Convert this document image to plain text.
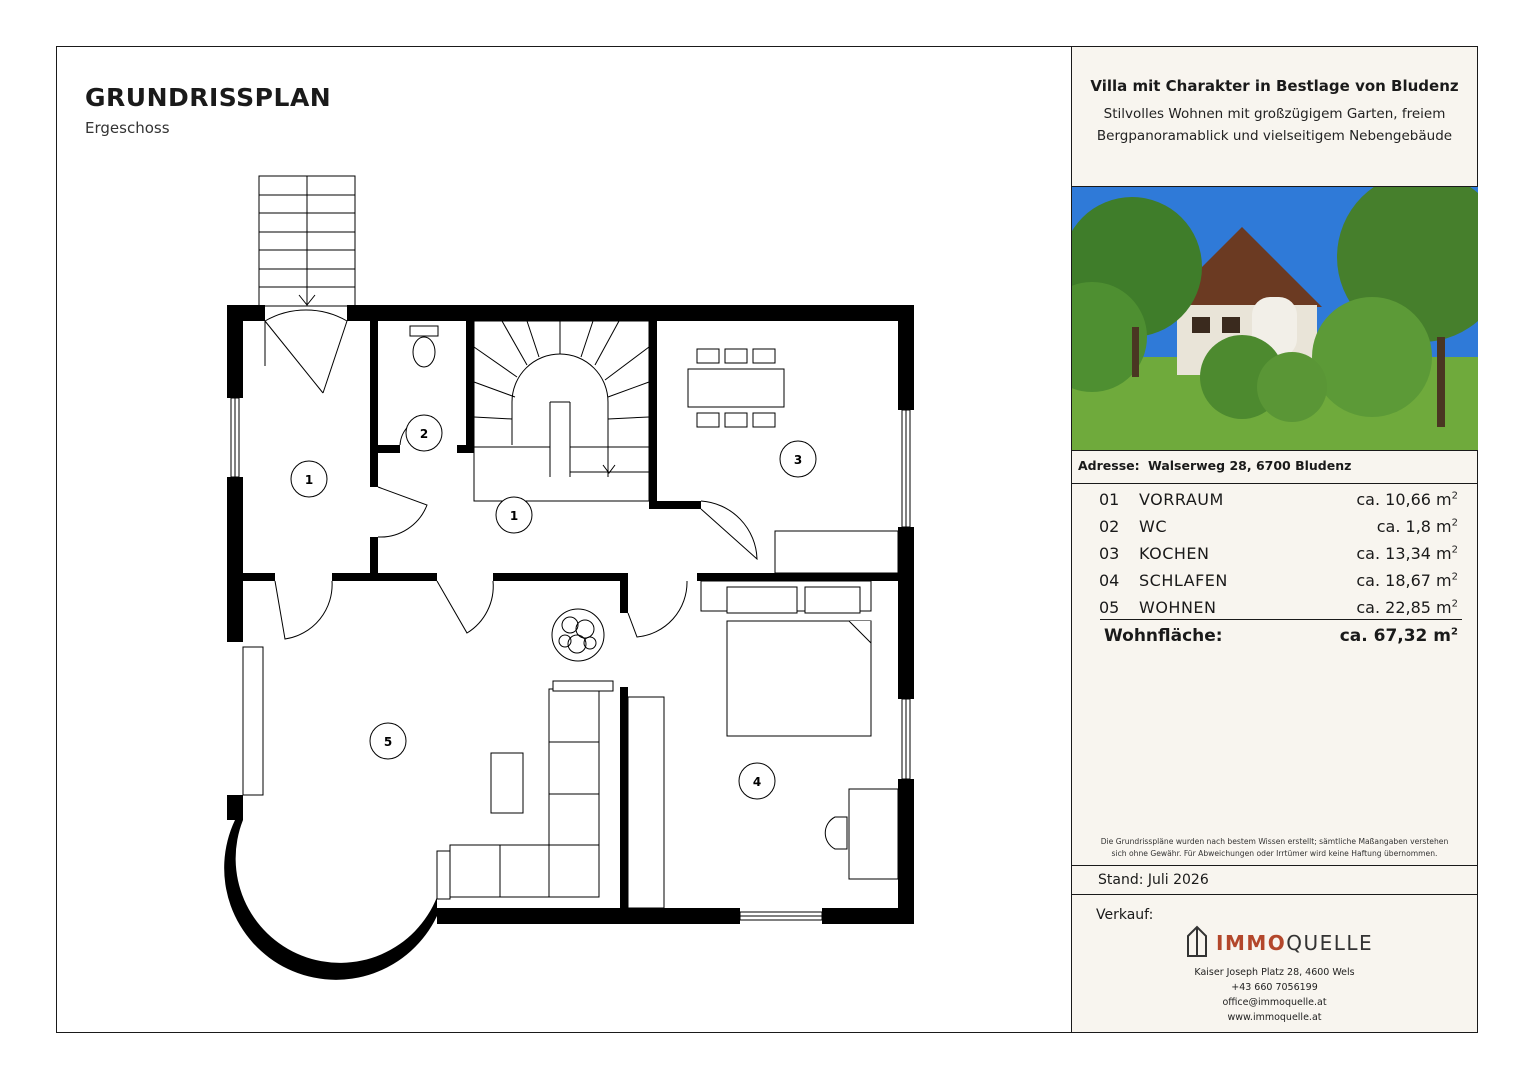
GRUNDRISSPLAN
Ergeschoss
1
2
1
3
5
4
Villa mit Charakter in Bestlage von Bludenz
Stilvolles Wohnen mit großzügigem Garten, freiem
Bergpanoramablick und vielseitigem Nebengebäude
Adresse: Walserweg 28, 6700 Bludenz
01 VORRAUM	ca. 10,66 $m^2$
02 WC	ca. 1,8 $m^2$
03 KOCHEN	ca. 13,34 $m^2$
04 SCHLAFEN	ca. 18,67 $m^2$
05 WOHNEN	ca. 22,85 $m^2$
Wohnfläche:	ca. 67,32 $m^2$
Die Grundrisspläne wurden nach bestem Wissen erstellt; sämtliche Maßangaben verstehen
sich ohne Gewähr. Für Abweichungen oder Irrtümer wird keine Haftung übernommen.
Stand: Juli 2026
Verkauf:
IMMOQUELLE
Kaiser Joseph Platz 28, 4600 Wels
+43 660 7056199
office@immoquelle.at
www.immoquelle.at
